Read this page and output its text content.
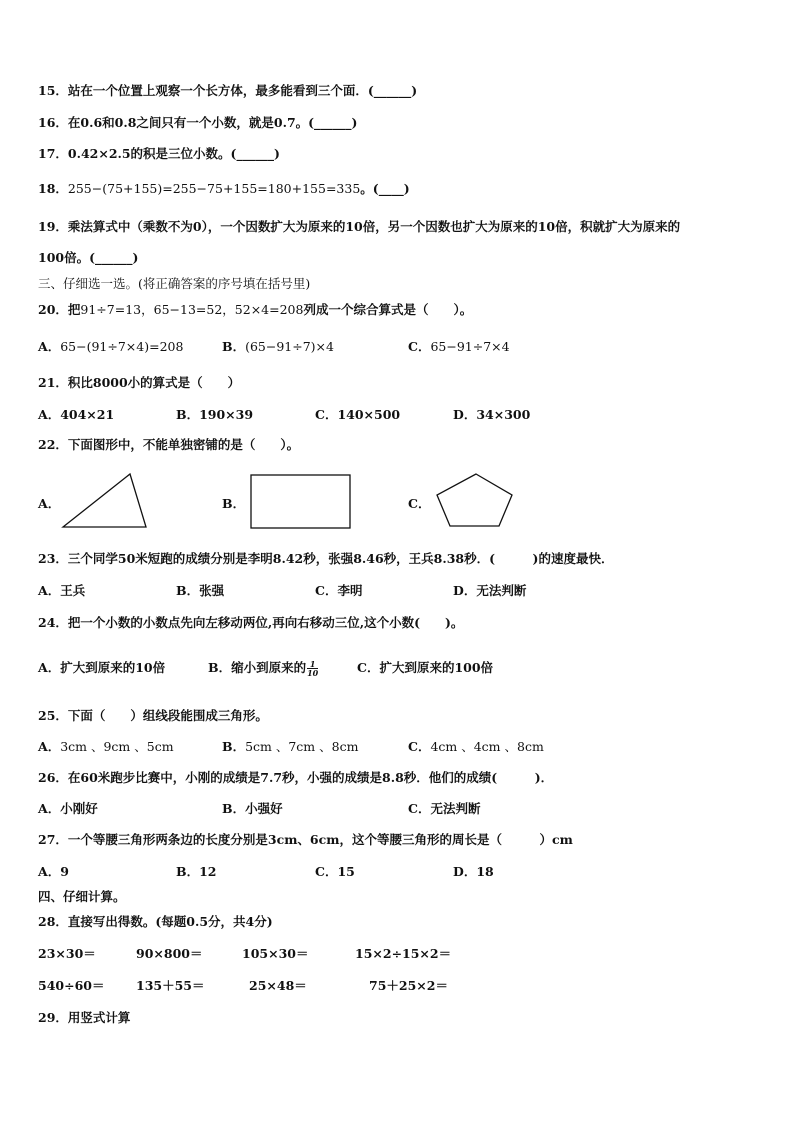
15．站在一个位置上观察一个长方体，最多能看到三个面．(______)
16．在0.6和0.8之间只有一个小数，就是0.7。(______)
17．0.42×2.5的积是三位小数。(______)
18．255−(75+155)=255−75+155=180+155=335。(____)
19．乘法算式中（乘数不为0），一个因数扩大为原来的10倍，另一个因数也扩大为原来的10倍，积就扩大为原来的
100倍。(______)
三、仔细选一选。(将正确答案的序号填在括号里)
20．把91÷7=13，65−13=52，52×4=208列成一个综合算式是（　　）。
A．65−(91÷7×4)=208	B．(65−91÷7)×4	C．65−91÷7×4
21．积比8000小的算式是（　　）
A．404×21	B．190×39	C．140×500	D．34×300
22．下面图形中，不能单独密铺的是（　　）。
A．	B．	C．
23．三个同学50米短跑的成绩分别是李明8.42秒，张强8.46秒，王兵8.38秒．(　　　)的速度最快．
A．王兵	B．张强	C．李明	D．无法判断
24．把一个小数的小数点先向左移动两位,再向右移动三位,这个小数(　　)。
A．扩大到原来的10倍	B．缩小到原来的 $\frac{1}{10}$	C．扩大到原来的100倍
25．下面（　　）组线段能围成三角形。
A．3cm 、9cm 、5cm	B．5cm 、7cm 、8cm	C．4cm 、4cm 、8cm
26．在60米跑步比赛中，小刚的成绩是7.7秒，小强的成绩是8.8秒．他们的成绩(　　　)．
A．小刚好	B．小强好	C．无法判断
27．一个等腰三角形两条边的长度分别是3cm、6cm，这个等腰三角形的周长是（　　　）cm
A．9	B．12	C．15	D．18
四、仔细计算。
28．直接写出得数。(每题0.5分，共4分)
23×30＝	90×800＝	105×30＝	15×2÷15×2＝
540÷60＝	135＋55＝	25×48＝	75＋25×2＝
29．用竖式计算
